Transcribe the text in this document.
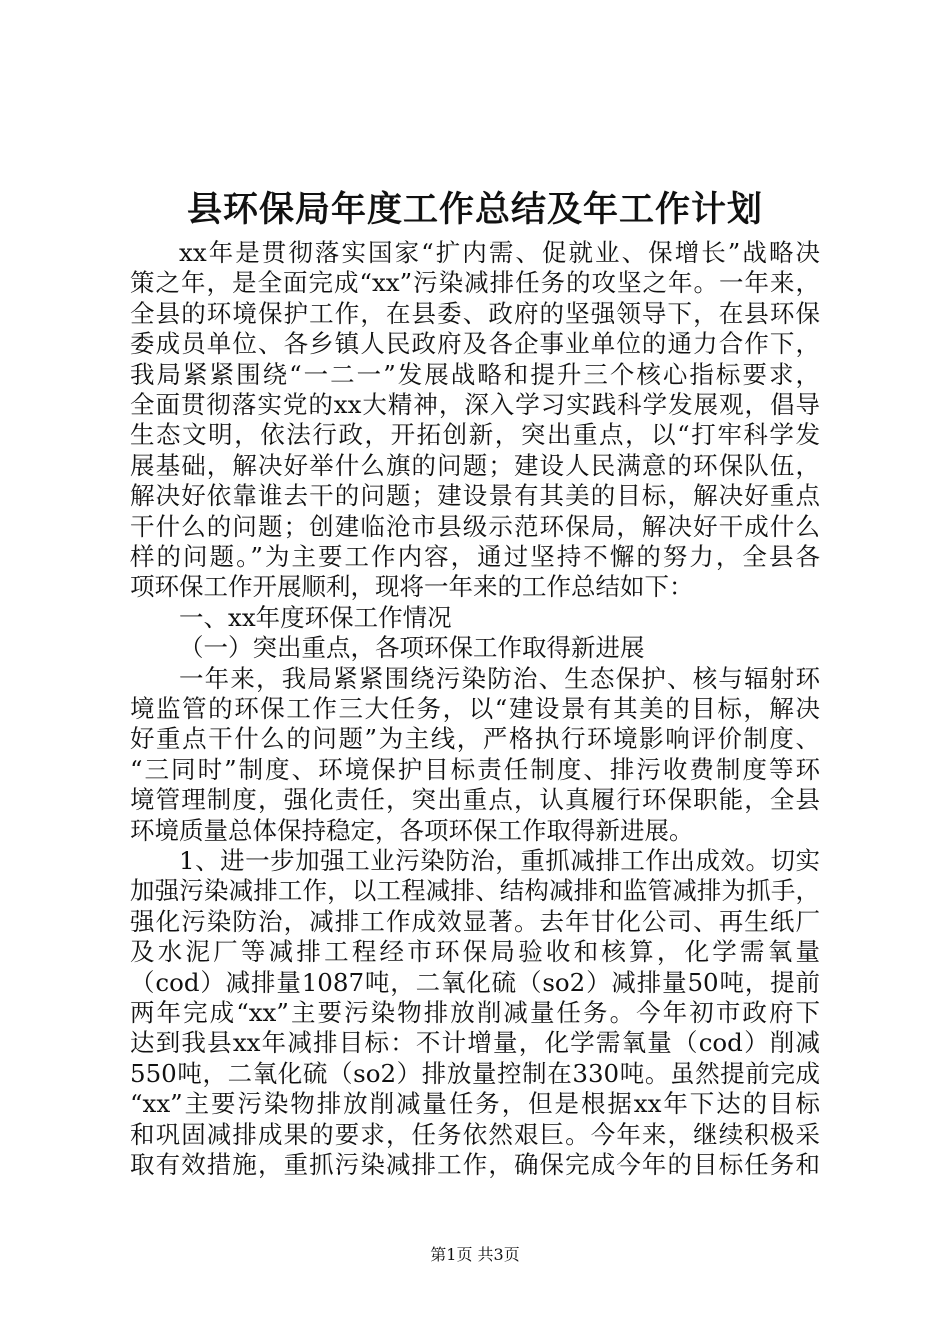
县环保局年度工作总结及年工作计划
xx年是贯彻落实国家“扩内需、促就业、保增长”战略决
策之年，是全面完成“xx”污染减排任务的攻坚之年。一年来，
全县的环境保护工作，在县委、政府的坚强领导下，在县环保
委成员单位、各乡镇人民政府及各企事业单位的通力合作下，
我局紧紧围绕“一二一”发展战略和提升三个核心指标要求，
全面贯彻落实党的xx大精神，深入学习实践科学发展观，倡导
生态文明，依法行政，开拓创新，突出重点，以“打牢科学发
展基础，解决好举什么旗的问题；建设人民满意的环保队伍，
解决好依靠谁去干的问题；建设景有其美的目标，解决好重点
干什么的问题；创建临沧市县级示范环保局，解决好干成什么
样的问题。”为主要工作内容，通过坚持不懈的努力，全县各
项环保工作开展顺利，现将一年来的工作总结如下：
一、xx年度环保工作情况
（一）突出重点，各项环保工作取得新进展
一年来，我局紧紧围绕污染防治、生态保护、核与辐射环
境监管的环保工作三大任务，以“建设景有其美的目标，解决
好重点干什么的问题”为主线，严格执行环境影响评价制度、
“三同时”制度、环境保护目标责任制度、排污收费制度等环
境管理制度，强化责任，突出重点，认真履行环保职能，全县
环境质量总体保持稳定，各项环保工作取得新进展。
1、进一步加强工业污染防治，重抓减排工作出成效。切实
加强污染减排工作，以工程减排、结构减排和监管减排为抓手，
强化污染防治，减排工作成效显著。去年甘化公司、再生纸厂
及水泥厂等减排工程经市环保局验收和核算，化学需氧量
（cod）减排量1087吨，二氧化硫（so2）减排量50吨，提前
两年完成“xx”主要污染物排放削减量任务。今年初市政府下
达到我县xx年减排目标：不计增量，化学需氧量（cod）削减
550吨，二氧化硫（so2）排放量控制在330吨。虽然提前完成
“xx”主要污染物排放削减量任务，但是根据xx年下达的目标
和巩固减排成果的要求，任务依然艰巨。今年来，继续积极采
取有效措施，重抓污染减排工作，确保完成今年的目标任务和
第1页 共3页
